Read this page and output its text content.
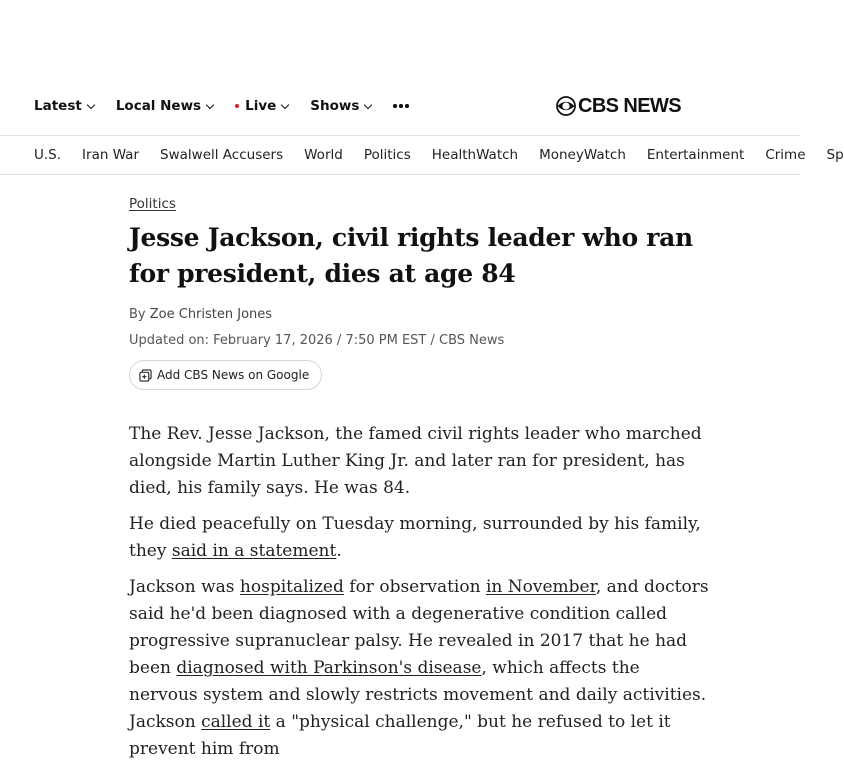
Latest	Local News	Live	Shows	CBS NEWS
U.S. Iran War Swalwell Accusers World Politics HealthWatch MoneyWatch Entertainment Crime Sp
Politics
Jesse Jackson, civil rights leader who ran for president, dies at age 84
By Zoe Christen Jones
Updated on: February 17, 2026 / 7:50 PM EST / CBS News
Add CBS News on Google

The Rev. Jesse Jackson, the famed civil rights leader who marched alongside Martin Luther King Jr. and later ran for president, has died, his family says. He was 84.

He died peacefully on Tuesday morning, surrounded by his family, they said in a statement.

Jackson was hospitalized for observation in November, and doctors said he'd been diagnosed with a degenerative condition called progressive supranuclear palsy. He revealed in 2017 that he had been diagnosed with Parkinson's disease, which affects the nervous system and slowly restricts movement and daily activities. Jackson called it a "physical challenge," but he refused to let it prevent him from
